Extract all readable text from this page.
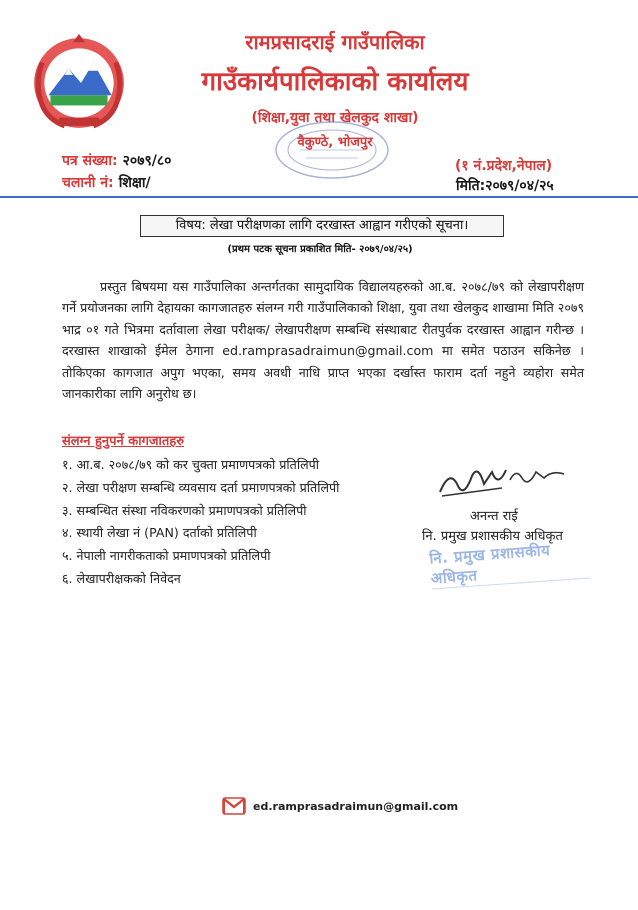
रामप्रसादराई गाउँपालिका
गाउँकार्यपालिकाको कार्यालय
(शिक्षा,युवा तथा खेलकुद शाखा)
वैकुण्ठे, भोजपुर
पत्र संख्या: २०७९/८०
चलानी नं: शिक्षा/
(१ नं.प्रदेश,नेपाल)
मिति:२०७९/०४/२५
विषय: लेखा परीक्षणका लागि दरखास्त आह्वान गरीएको सूचना।
(प्रथम पटक सूचना प्रकाशित मिति- २०७९/०४/२५)
प्रस्तुत बिषयमा यस गाउँपालिका अन्तर्गतका सामुदायिक विद्यालयहरुको आ.ब. २०७८/७९ को लेखापरीक्षण गर्ने प्रयोजनका लागि देहायका कागजातहरु संलग्न गरी गाउँपालिकाको शिक्षा, युवा तथा खेलकुद शाखामा मिति २०७९ भाद्र ०१ गते भित्रमा दर्तावाला लेखा परीक्षक/ लेखापरीक्षण सम्बन्धि संस्थाबाट रीतपुर्वक दरखास्त आह्वान गरीन्छ । दरखास्त शाखाको ईमेल ठेगाना ed.ramprasadraimun@gmail.com मा समेत पठाउन सकिनेछ । तोकिएका कागजात अपुग भएका, समय अवधी नाधि प्राप्त भएका दर्खास्त फाराम दर्ता नहुने व्यहोरा समेत जानकारीका लागि अनुरोध छ।
संलग्न हुनुपर्ने कागजातहरु
१. आ.ब. २०७८/७९ को कर चुक्ता प्रमाणपत्रको प्रतिलिपी
२. लेखा परीक्षण सम्बन्धि व्यवसाय दर्ता प्रमाणपत्रको प्रतिलिपी
३. सम्बन्धित संस्था नविकरणको प्रमाणपत्रको प्रतिलिपी
४. स्थायी लेखा नं (PAN) दर्ताको प्रतिलिपी
५. नेपाली नागरीकताको प्रमाणपत्रको प्रतिलिपी
६. लेखापरीक्षकको निवेदन
अनन्त राई
नि. प्रमुख प्रशासकीय अधिकृत
नि. प्रमुख प्रशासकीय अधिकृत
ed.ramprasadraimun@gmail.com
